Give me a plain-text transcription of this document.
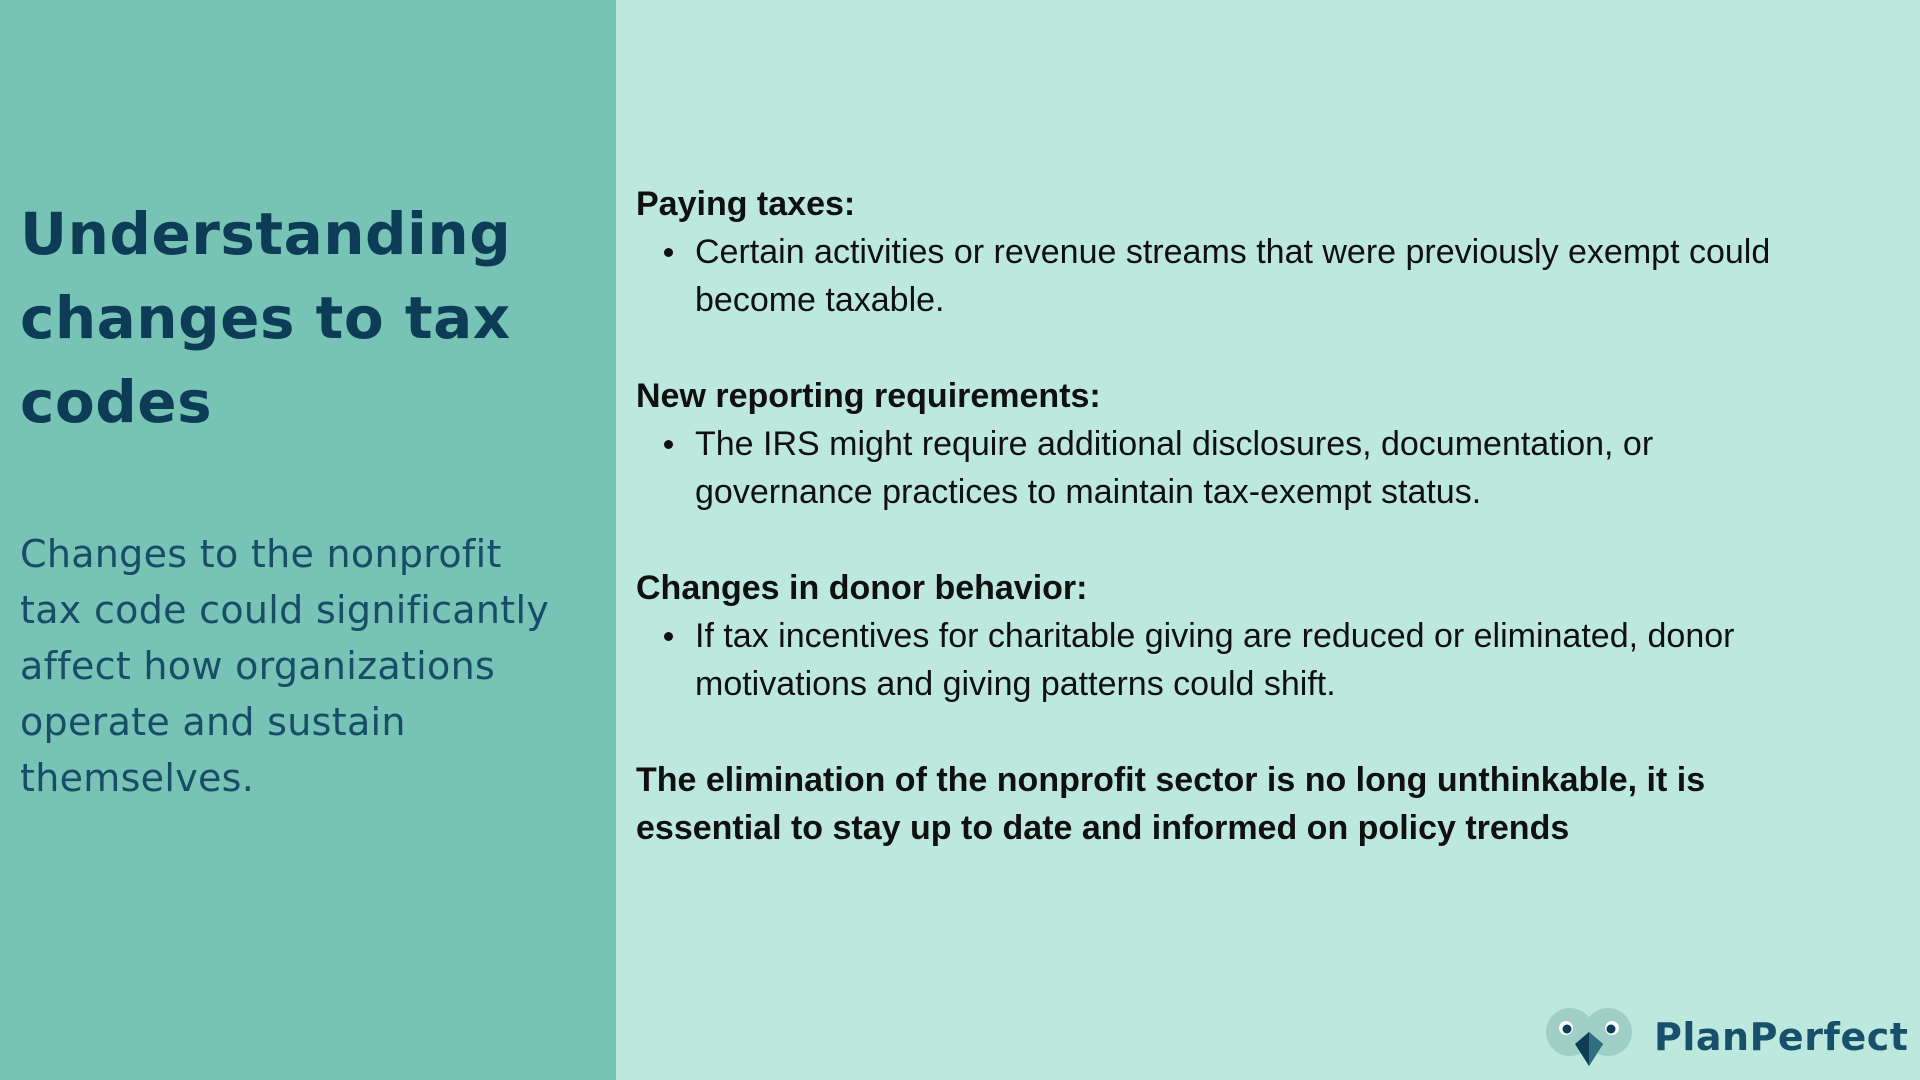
Understanding
changes to tax
codes

Changes to the nonprofit
tax code could significantly
affect how organizations
operate and sustain
themselves.

Paying taxes:
Certain activities or revenue streams that were previously exempt could
become taxable.
New reporting requirements:
The IRS might require additional disclosures, documentation, or
governance practices to maintain tax-exempt status.
Changes in donor behavior:
If tax incentives for charitable giving are reduced or eliminated, donor
motivations and giving patterns could shift.

The elimination of the nonprofit sector is no long unthinkable, it is
essential to stay up to date and informed on policy trends

PlanPerfect
